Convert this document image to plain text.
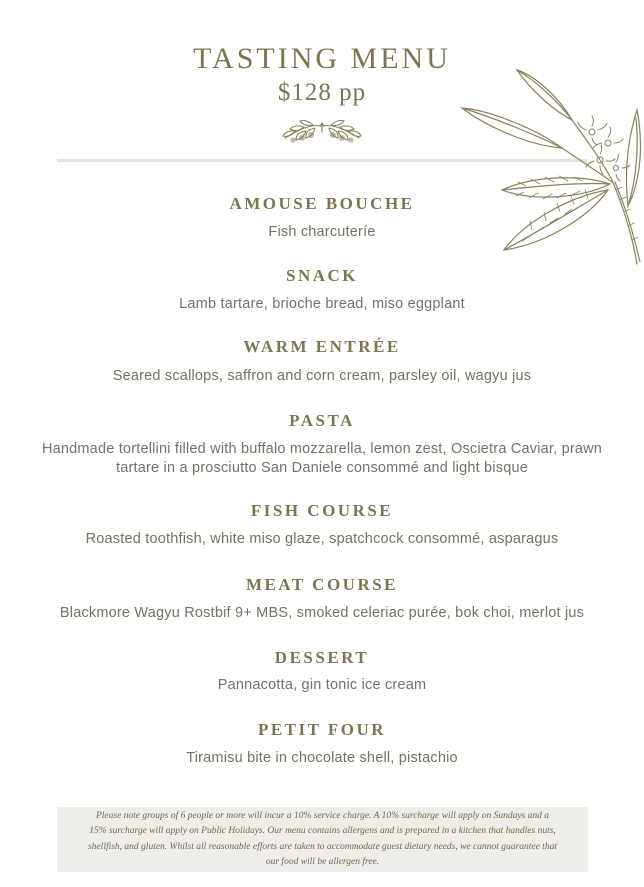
TASTING MENU
$128 pp
AMOUSE BOUCHE
Fish charcuteríe
SNACK
Lamb tartare, brioche bread, miso eggplant
WARM ENTRÉE
Seared scallops, saffron and corn cream, parsley oil, wagyu jus
PASTA
Handmade tortellini filled with buffalo mozzarella, lemon zest, Oscietra Caviar, prawn tartare in a prosciutto San Daniele consommé and light bisque
FISH COURSE
Roasted toothfish, white miso glaze, spatchcock consommé, asparagus
MEAT COURSE
Blackmore Wagyu Rostbif 9+ MBS, smoked celeriac purée, bok choi, merlot jus
DESSERT
Pannacotta, gin tonic ice cream
PETIT FOUR
Tiramisu bite in chocolate shell, pistachio
Please note groups of 6 people or more will incur a 10% service charge. A 10% surcharge will apply on Sundays and a 15% surcharge will apply on Public Holidays. Our menu contains allergens and is prepared in a kitchen that handles nuts, shellfish, and gluten. Whilst all reasonable efforts are taken to accommodate guest dietary needs, we cannot guarantee that our food will be allergen free.
